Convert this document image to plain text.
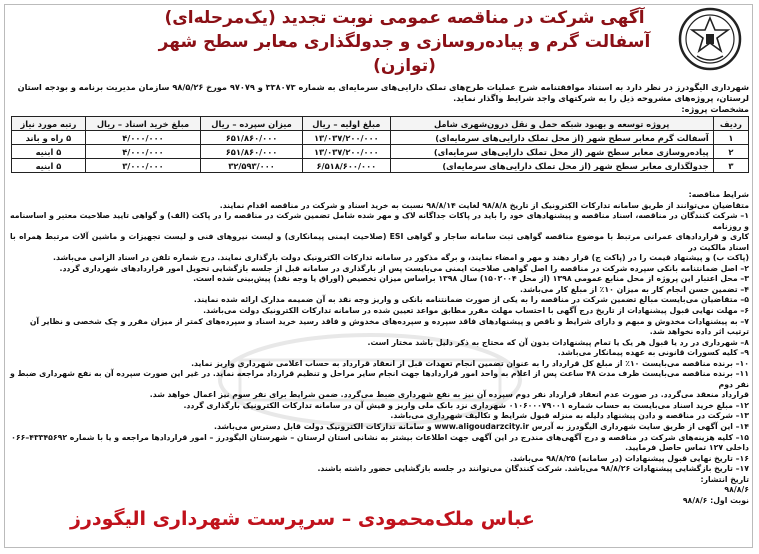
آگهی شرکت در مناقصه عمومی نوبت تجدید (یک‌مرحله‌ای)
آسفالت گرم و پیاده‌روسازی و جدولگذاری معابر سطح شهر (توازن)
شهرداری الیگودرز در نظر دارد به استناد موافقتنامه شرح عملیات طرح‌های تملک دارایی‌های سرمایه‌ای به شماره ۳۳۸۰۷۳ و ۹۷۰۷۹ مورخ ۹۸/۵/۲۶ سازمان مدیریت برنامه و بودجه استان لرستان، پروژه‌های مشروحه ذیل را به شرکتهای واجد شرایط واگذار نماید.
مشخصات پروژه:
ردیف	پروژه توسعه و بهبود شبکه حمل و نقل درون‌شهری شامل	مبلغ اولیه – ریال	میزان سپرده – ریال	مبلغ خرید اسناد – ریال	رتبه مورد نیاز
۱	آسفالت گرم معابر سطح شهر (از محل تملک دارایی‌های سرمایه‌ای)	۱۳/۰۳۷/۲۰۰/۰۰۰	۶۵۱/۸۶۰/۰۰۰	۴/۰۰۰/۰۰۰	۵ راه و باند
۲	پیاده‌روسازی معابر سطح شهر (از محل تملک دارایی‌های سرمایه‌ای)	۱۳/۰۳۷/۲۰۰/۰۰۰	۶۵۱/۸۶۰/۰۰۰	۴/۰۰۰/۰۰۰	۵ ابنیه
۳	جدولگذاری معابر سطح شهر (از محل تملک دارایی‌های سرمایه‌ای)	۶/۵۱۸/۶۰۰/۰۰۰	۳۲/۵۹۳/۰۰۰	۳/۰۰۰/۰۰۰	۵ ابنیه

شرایط مناقصه:

متقاضیان می‌توانند از طریق سامانه تدارکات الکترونیک از تاریخ ۹۸/۸/۸ لغایت ۹۸/۸/۱۴ نسبت به خرید اسناد و شرکت در مناقصه اقدام نمایند.

۱– شرکت کنندگان در مناقصه، اسناد مناقصه و پیشنهادهای خود را باید در پاکات جداگانه لاک و مهر شده شامل تضمین شرکت در مناقصه را در پاکت (الف) و گواهی تایید صلاحیت معتبر و اساسنامه و روزنامه

کاری و قراردادهای عمرانی مرتبط با موضوع مناقصه گواهی ثبت سامانه ساجار و گواهی ESI (صلاحیت ایمنی پیمانکاری) و لیست نیروهای فنی و لیست تجهیزات و ماشین آلات مرتبط همراه با اسناد مالکیت در

(پاکت ب) و پیشنهاد قیمت را در (پاکت ج) قرار دهند و مهر و امضاء نمایند، و برگه مذکور در سامانه تدارکات الکترونیک دولت بارگذاری نمایند. درج شماره تلفن در اسناد الزامی می‌باشد.

۲– اصل ضمانتنامه بانکی سپرده شرکت در مناقصه را اصل گواهی صلاحیت ایمنی می‌بایست پس از بارگذاری در سامانه قبل از جلسه بازگشایی تحویل امور قراردادهای شهرداری گردد.

۳– محل اعتبار این پروژه از محل منابع عمومی ۱۳۹۸ (از محل ۱۵۰۲۰۰۴) سال ۱۳۹۸ براساس میزان تخصیص (اوراق یا وجه نقد) پیش‌بینی شده است.

۴– تضمین حسن انجام کار به میزان ۱۰٪ از مبلغ کار می‌باشد.

۵– متقاضیان می‌بایست مبالغ تضمین شرکت در مناقصه را به یکی از صورت ضمانتنامه بانکی و واریز وجه نقد به آن ضمیمه مدارک ارائه شده نمایند.

۶– مهلت نهایی قبول پیشنهادات از تاریخ درج آگهی با احتساب مهلت مقرر مطابق مواعد تعیین شده در سامانه تدارکات الکترونیک دولت می‌باشد.

۷– به پیشنهادات مخدوش و مبهم و دارای شرایط و ناقص و پیشنهادهای فاقد سپرده و سپرده‌های مخدوش و فاقد رسید خرید اسناد و سپرده‌های کمتر از میزان مقرر و چک شخصی و نظایر آن

ترتیب اثر داده نخواهد شد.

۸– شهرداری در رد یا قبول هر یک یا تمام پیشنهادات بدون آن که محتاج به ذکر دلیل باشد مختار است.

۹– کلیه کسورات قانونی به عهده پیمانکار می‌باشد.

۱۰– برنده مناقصه می‌بایست ۱۰٪ از مبلغ کل قرارداد را به عنوان تضمین انجام تعهدات قبل از انعقاد قرارداد به حساب اعلامی شهرداری واریز نماید.

۱۱– برنده مناقصه می‌بایست ظرف مدت ۴۸ ساعت پس از اعلام به واحد امور قراردادها جهت انجام سایر مراحل و تنظیم قرارداد مراجعه نماید. در غیر این صورت سپرده آن به نفع شهرداری ضبط و نفر دوم

قرارداد منعقد می‌گردد. در صورت عدم انعقاد قرارداد نفر دوم سپرده آن نیز به نفع شهرداری ضبط می‌گردد. ضمن شرایط برای نفر سوم نیز اعمال خواهد شد.

۱۲– مبلغ خرید اسناد می‌بایست به حساب شماره ۰۱۰۶۰۰۰۷۹۰۰۱ شهرداری نزد بانک ملی واریز و فیش آن در سامانه تدارکات الکترونیک بارگذاری گردد.

۱۳– شرکت در مناقصه و دادن پیشنهاد دلیله به منزله قبول شرایط و تکالیف شهرداری می‌باشد.

۱۴– این آگهی از طریق سایت شهرداری الیگودرز به آدرس www.aligoudarzcity.ir و سامانه تدارکات الکترونیک دولت قابل دسترس می‌باشد.

۱۵– کلیه هزینه‌های شرکت در مناقصه و درج آگهی‌های مندرج در این آگهی جهت اطلاعات بیشتر به نشانی استان لرستان – شهرستان الیگودرز – امور قراردادها مراجعه و یا با شماره ۴۳۳۴۵۶۹۲–۰۶۶

داخلی ۱۲۷ تماس حاصل فرمایید.

۱۶– تاریخ نهایی قبول پیشنهادات (در سامانه) ۹۸/۸/۲۵ می‌باشد.

۱۷– تاریخ بازگشایی پیشنهادات ۹۸/۸/۲۶ می‌باشد. شرکت کنندگان می‌توانند در جلسه بازگشایی حضور داشته باشند.

تاریخ انتشار:

۹۸/۸/۶

نوبت اول: ۹۸/۸/۶

عباس ملک‌محمودی – سرپرست شهرداری الیگودرز
